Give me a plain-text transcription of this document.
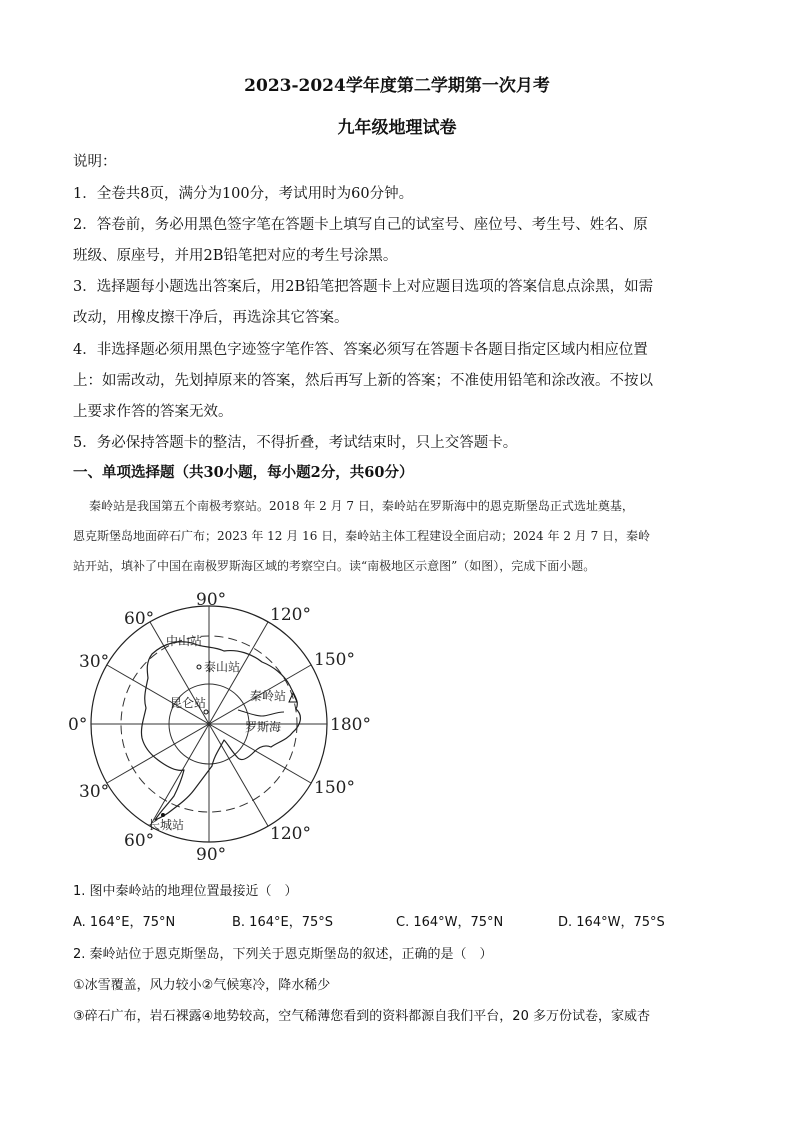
2023-2024学年度第二学期第一次月考
九年级地理试卷
说明：
1．全卷共8页，满分为100分，考试用时为60分钟。
2．答卷前，务必用黑色签字笔在答题卡上填写自己的试室号、座位号、考生号、姓名、原
班级、原座号，并用2B铅笔把对应的考生号涂黑。
3．选择题每小题选出答案后，用2B铅笔把答题卡上对应题目选项的答案信息点涂黑，如需
改动，用橡皮擦干净后，再选涂其它答案。
4．非选择题必须用黑色字迹签字笔作答、答案必须写在答题卡各题目指定区域内相应位置
上：如需改动，先划掉原来的答案，然后再写上新的答案；不准使用铅笔和涂改液。不按以
上要求作答的答案无效。
5．务必保持答题卡的整洁，不得折叠，考试结束时，只上交答题卡。
一、单项选择题（共30小题，每小题2分，共60分）
秦岭站是我国第五个南极考察站。2018 年 2 月 7 日，秦岭站在罗斯海中的恩克斯堡岛正式选址奠基，
恩克斯堡岛地面碎石广布；2023 年 12 月 16 日，秦岭站主体工程建设全面启动；2024 年 2 月 7 日，秦岭
站开站，填补了中国在南极罗斯海区域的考察空白。读“南极地区示意图”（如图），完成下面小题。
90°
120°
150°
180°
150°
120°
90°
60°
30°
0°
30°
60°
中山站
泰山站
昆仑站	秦岭站
罗斯海
长城站
1. 图中秦岭站的地理位置最接近（　）
A. 164°E，75°N	B. 164°E，75°S	C. 164°W，75°N	D. 164°W，75°S
2. 秦岭站位于恩克斯堡岛，下列关于恩克斯堡岛的叙述，正确的是（　）
①冰雪覆盖，风力较小②气候寒冷，降水稀少
③碎石广布，岩石裸露④地势较高，空气稀薄您看到的资料都源自我们平台，20 多万份试卷，家威杏
